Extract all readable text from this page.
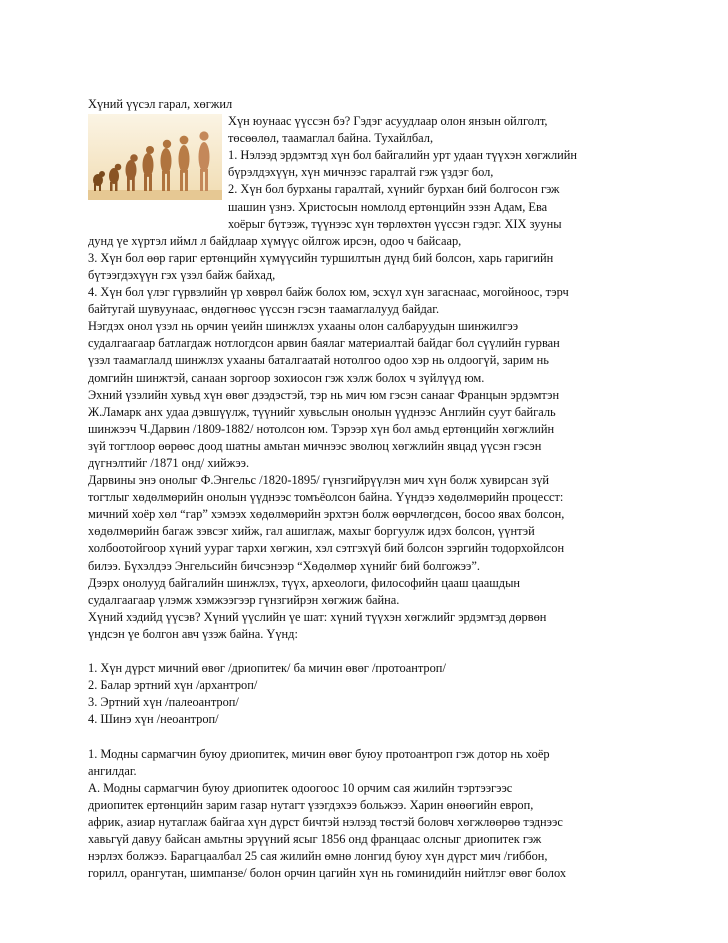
Хүний үүсэл гарал, хөгжил
Хүн юунаас үүссэн бэ? Гэдэг асуудлаар олон янзын ойлголт,
төсөөлөл, таамаглал байна. Тухайлбал,
1. Нэлээд эрдэмтэд хүн бол байгалийн урт удаан түүхэн хөгжлийн
бүрэлдэхүүн, хүн мичнээс гаралтай гэж үздэг бол,
2. Хүн бол бурханы гаралтай, хүнийг бурхан бий болгосон гэж
шашин үзнэ. Христосын номлолд ертөнцийн эзэн Адам, Ева
хоёрыг бүтээж, түүнээс хүн төрлөхтөн үүссэн гэдэг. XIX зууны
дунд үе хүртэл иймл л байдлаар хүмүүс ойлгож ирсэн, одоо ч байсаар,
3. Хүн бол өөр гариг ертөнцийн хүмүүсийн туршилтын дүнд бий болсон, харь гаригийн
бүтээгдэхүүн гэх үзэл байж байхад,
4. Хүн бол үлэг гүрвэлийн үр хөврөл байж болох юм, эсхүл хүн загаснаас, могойноос, тэрч
байтугай шувуунаас, өндөгнөөс үүссэн гэсэн таамаглалууд байдаг.
Нэгдэх онол үзэл нь орчин үеийн шинжлэх ухааны олон салбаруудын шинжилгээ
судалгаагаар батлагдаж нотлогдсон арвин баялаг материалтай байдаг бол сүүлийн гурван
үзэл таамаглалд шинжлэх ухааны баталгаатай нотолгоо одоо хэр нь олдоогүй, зарим нь
домгийн шинжтэй, санаан зоргоор зохиосон гэж хэлж болох ч зүйлүүд юм.
Эхний үзэлийн хувьд хүн өвөг дээдэстэй, тэр нь мич юм гэсэн санааг Францын эрдэмтэн
Ж.Ламарк анх удаа дэвшүүлж, түүнийг хувьслын онолын үүднээс Английн суут байгаль
шинжээч Ч.Дарвин /1809-1882/ нотолсон юм. Тэрээр хүн бол амьд ертөнцийн хөгжлийн
зүй тогтлоор өөрөөс доод шатны амьтан мичнээс эволюц хөгжлийн явцад үүсэн гэсэн
дүгнэлтийг /1871 онд/ хийжээ.
Дарвины энэ онолыг Ф.Энгельс /1820-1895/ гүнзгийрүүлэн мич хүн болж хувирсан зүй
тогтлыг хөдөлмөрийн онолын үүднээс томъёолсон байна. Үүндээ хөдөлмөрийн процесст:
мичний хоёр хөл “гар” хэмээх хөдөлмөрийн эрхтэн болж өөрчлөгдсөн, босоо явах болсон,
хөдөлмөрийн багаж зэвсэг хийж, гал ашиглаж, махыг боргуулж идэх болсон, үүнтэй
холбоотойгоор хүний уураг тархи хөгжин, хэл сэтгэхүй бий болсон зэргийн тодорхойлсон
билээ. Бүхэлдээ Энгельсийн бичсэнээр “Хөдөлмөр хүнийг бий болгожээ”.
Дээрх онолууд байгалийн шинжлэх, түүх, археологи, философийн цааш цаашдын
судалгаагаар үлэмж хэмжээгээр гүнзгийрэн хөгжиж байна.
Хүний хэдийд үүсэв? Хүний үүслийн үе шат: хүний түүхэн хөгжлийг эрдэмтэд дөрвөн
үндсэн үе болгон авч үзэж байна. Үүнд:
1. Хүн дүрст мичний өвөг /дриопитек/ ба мичин өвөг /протоантроп/
2. Балар эртний хүн /архантроп/
3. Эртний хүн /палеоантроп/
4. Шинэ хүн /неоантроп/
1. Модны сармагчин буюу дриопитек, мичин өвөг буюу протоантроп гэж дотор нь хоёр
ангилдаг.
А. Модны сармагчин буюу дриопитек одоогоос 10 орчим сая жилийн тэртээгээс
дриопитек ертөнцийн зарим газар нутагт үзэгдэхээ больжээ. Харин өнөөгийн европ,
африк, азиар нутаглаж байгаа хүн дүрст бичтэй нэлээд төстэй боловч хөгжлөөрөө тэднээс
хавьгүй давуу байсан амьтны эрүүний ясыг 1856 онд францаас олсныг дриопитек гэж
нэрлэх болжээ. Барагцаалбал 25 сая жилийн өмнө лонгид буюу хүн дүрст мич /гиббон,
горилл, орангутан, шимпанзе/ болон орчин цагийн хүн нь гоминидийн нийтлэг өвөг болох
